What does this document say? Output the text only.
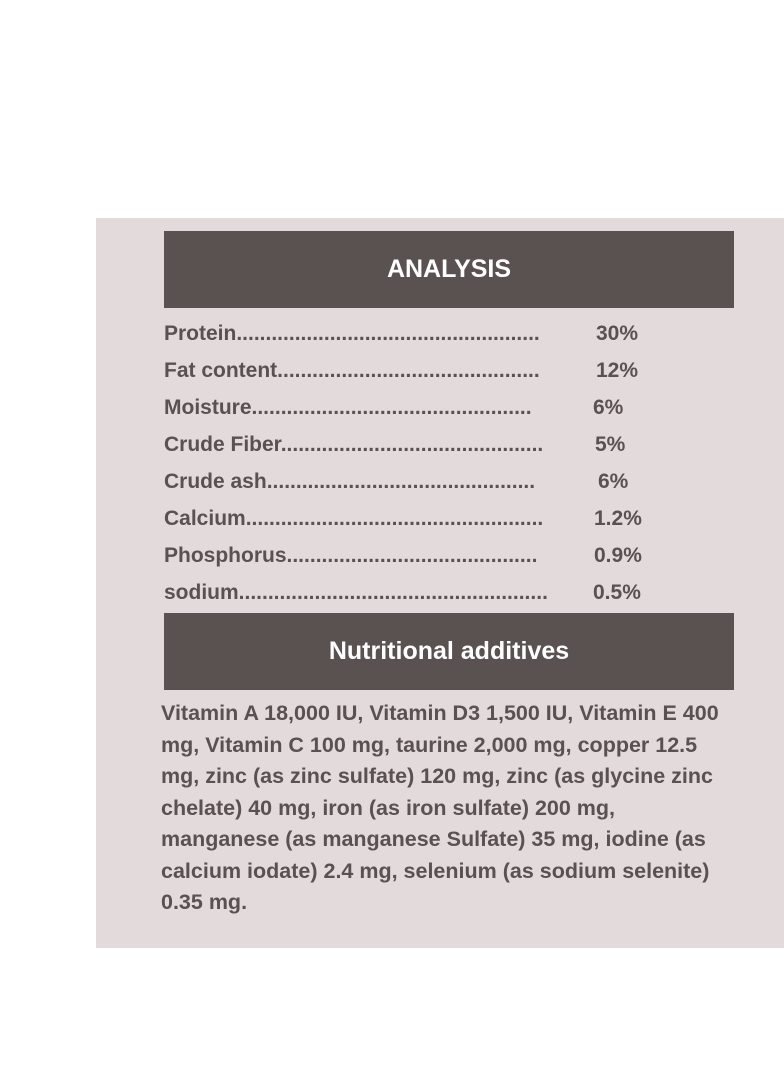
ANALYSIS
Protein....................................................	30%
Fat content.............................................	12%
Moisture................................................	6%
Crude Fiber............................................. 5%
Crude ash..............................................	6%
Calcium................................................... 1.2%
Phosphorus...........................................	0.9%
sodium..................................................... 0.5%
Nutritional additives

Vitamin A 18,000 IU, Vitamin D3 1,500 IU, Vitamin E 400 mg, Vitamin C 100 mg, taurine 2,000 mg, copper 12.5 mg, zinc (as zinc sulfate) 120 mg, zinc (as glycine zinc chelate) 40 mg, iron (as iron sulfate) 200 mg, manganese (as manganese Sulfate) 35 mg, iodine (as calcium iodate) 2.4 mg, selenium (as sodium selenite) 0.35 mg.
